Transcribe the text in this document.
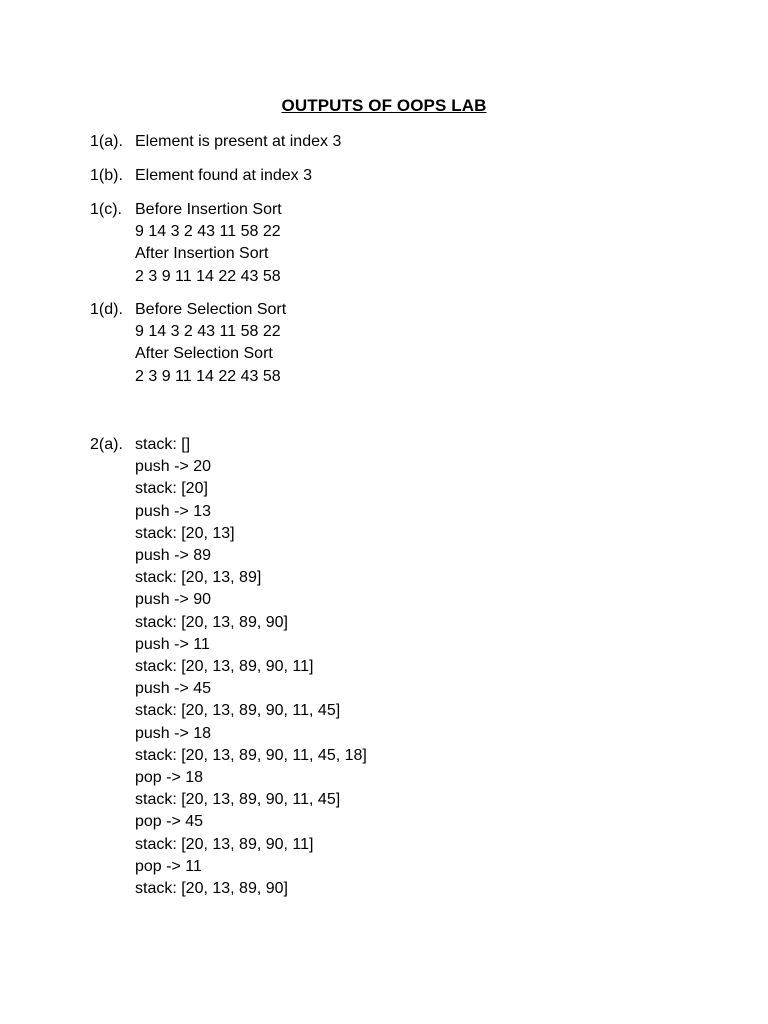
OUTPUTS OF OOPS LAB
1(a). Element is present at index 3
1(b). Element found at index 3
1(c). Before Insertion Sort
9 14 3 2 43 11 58 22
After Insertion Sort
2 3 9 11 14 22 43 58
1(d). Before Selection Sort
9 14 3 2 43 11 58 22
After Selection Sort
2 3 9 11 14 22 43 58
2(a). stack: []
push -> 20
stack: [20]
push -> 13
stack: [20, 13]
push -> 89
stack: [20, 13, 89]
push -> 90
stack: [20, 13, 89, 90]
push -> 11
stack: [20, 13, 89, 90, 11]
push -> 45
stack: [20, 13, 89, 90, 11, 45]
push -> 18
stack: [20, 13, 89, 90, 11, 45, 18]
pop -> 18
stack: [20, 13, 89, 90, 11, 45]
pop -> 45
stack: [20, 13, 89, 90, 11]
pop -> 11
stack: [20, 13, 89, 90]
